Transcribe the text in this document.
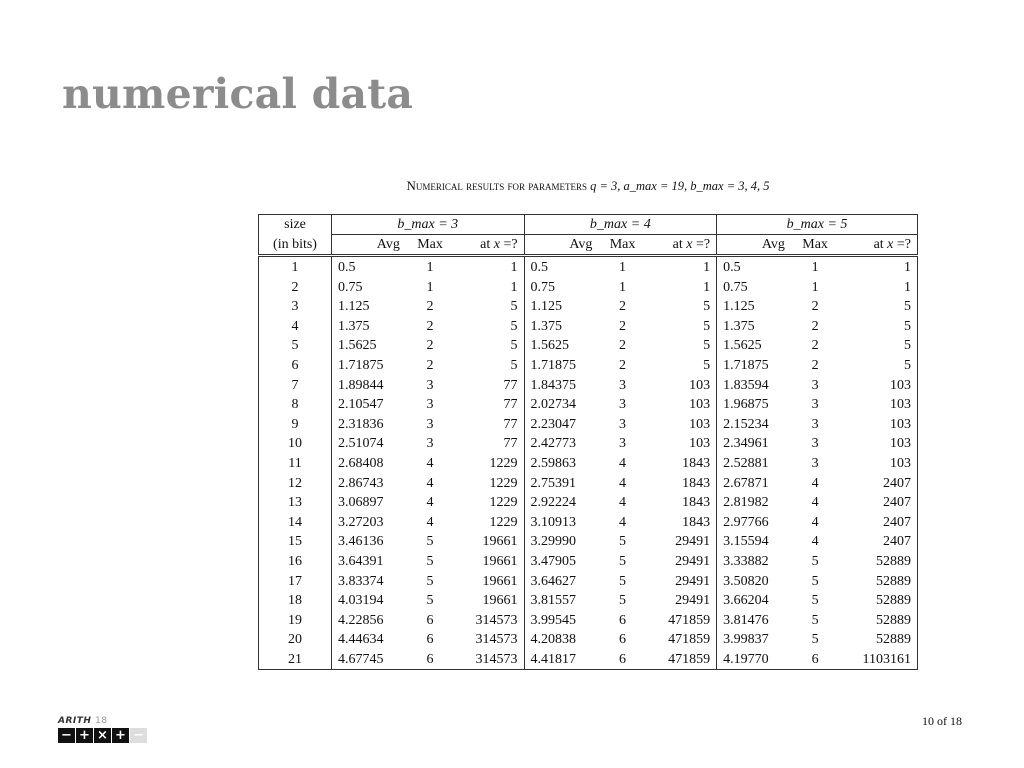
numerical data
Numerical results for parameters q = 3, a_max = 19, b_max = 3, 4, 5
size	b_max = 3			b_max = 4			b_max = 5		
(in bits)	Avg	Max	at x =?	Avg	Max	at x =?	Avg	Max	at x =?
1	0.5	1	1	0.5	1	1	0.5	1	1
2	0.75	1	1	0.75	1	1	0.75	1	1
3	1.125	2	5	1.125	2	5	1.125	2	5
4	1.375	2	5	1.375	2	5	1.375	2	5
5	1.5625	2	5	1.5625	2	5	1.5625	2	5
6	1.71875	2	5	1.71875	2	5	1.71875	2	5
7	1.89844	3	77	1.84375	3	103	1.83594	3	103
8	2.10547	3	77	2.02734	3	103	1.96875	3	103
9	2.31836	3	77	2.23047	3	103	2.15234	3	103
10	2.51074	3	77	2.42773	3	103	2.34961	3	103
11	2.68408	4	1229	2.59863	4	1843	2.52881	3	103
12	2.86743	4	1229	2.75391	4	1843	2.67871	4	2407
13	3.06897	4	1229	2.92224	4	1843	2.81982	4	2407
14	3.27203	4	1229	3.10913	4	1843	2.97766	4	2407
15	3.46136	5	19661	3.29990	5	29491	3.15594	4	2407
16	3.64391	5	19661	3.47905	5	29491	3.33882	5	52889
17	3.83374	5	19661	3.64627	5	29491	3.50820	5	52889
18	4.03194	5	19661	3.81557	5	29491	3.66204	5	52889
19	4.22856	6	314573	3.99545	6	471859	3.81476	5	52889
20	4.44634	6	314573	4.20838	6	471859	3.99837	5	52889
21	4.67745	6	314573	4.41817	6	471859	4.19770	6	1103161
ARITH 18
− + × + −
10 of 18
